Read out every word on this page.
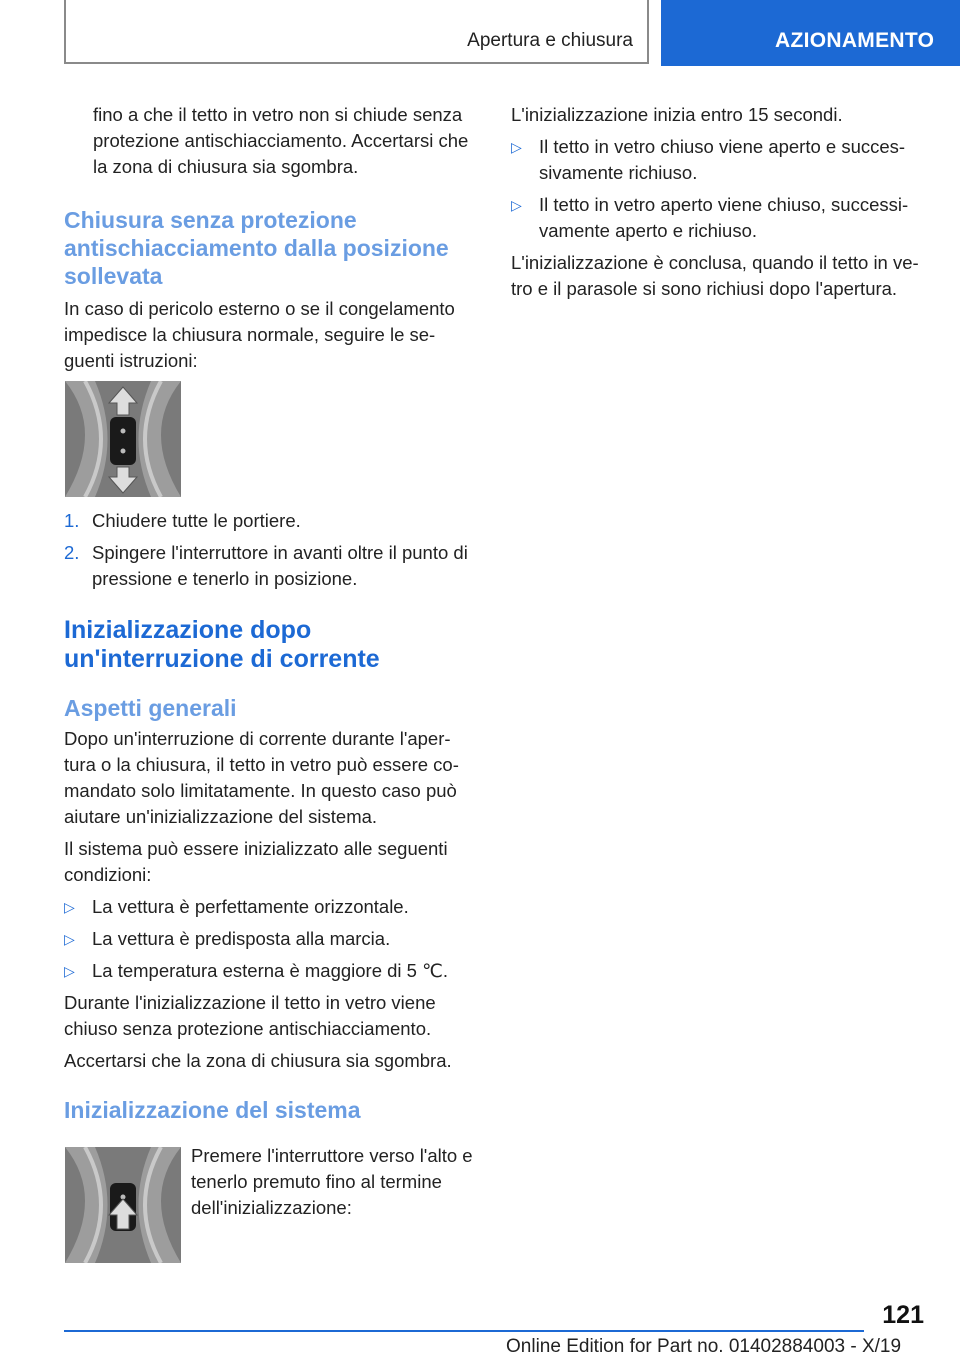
Apertura e chiusura	AZIONAMENTO

fino a che il tetto in vetro non si chiude senza protezione antischiacciamento. Accertarsi che la zona di chiusura sia sgombra.

Chiusura senza protezione antischiacciamento dalla posizione sollevata

In caso di pericolo esterno o se il congelamento impedisce la chiusura normale, seguire le se-guenti istruzioni:

1. Chiudere tutte le portiere.
2. Spingere l'interruttore in avanti oltre il punto di pressione e tenerlo in posizione.

Inizializzazione dopo un'interruzione di corrente

Aspetti generali

Dopo un'interruzione di corrente durante l'aper-tura o la chiusura, il tetto in vetro può essere co-mandato solo limitatamente. In questo caso può aiutare un'inizializzazione del sistema.

Il sistema può essere inizializzato alle seguenti condizioni:

▷ La vettura è perfettamente orizzontale.
▷ La vettura è predisposta alla marcia.
▷ La temperatura esterna è maggiore di 5 ℃.

Durante l'inizializzazione il tetto in vetro viene chiuso senza protezione antischiacciamento.

Accertarsi che la zona di chiusura sia sgombra.

Inizializzazione del sistema

Premere l'interruttore verso l'alto e tenerlo premuto fino al termine dell'inizializzazione:

L'inizializzazione inizia entro 15 secondi.

▷ Il tetto in vetro chiuso viene aperto e succes-sivamente richiuso.
▷ Il tetto in vetro aperto viene chiuso, successi-vamente aperto e richiuso.

L'inizializzazione è conclusa, quando il tetto in ve-tro e il parasole si sono richiusi dopo l'apertura.

121
Online Edition for Part no. 01402884003 - X/19
